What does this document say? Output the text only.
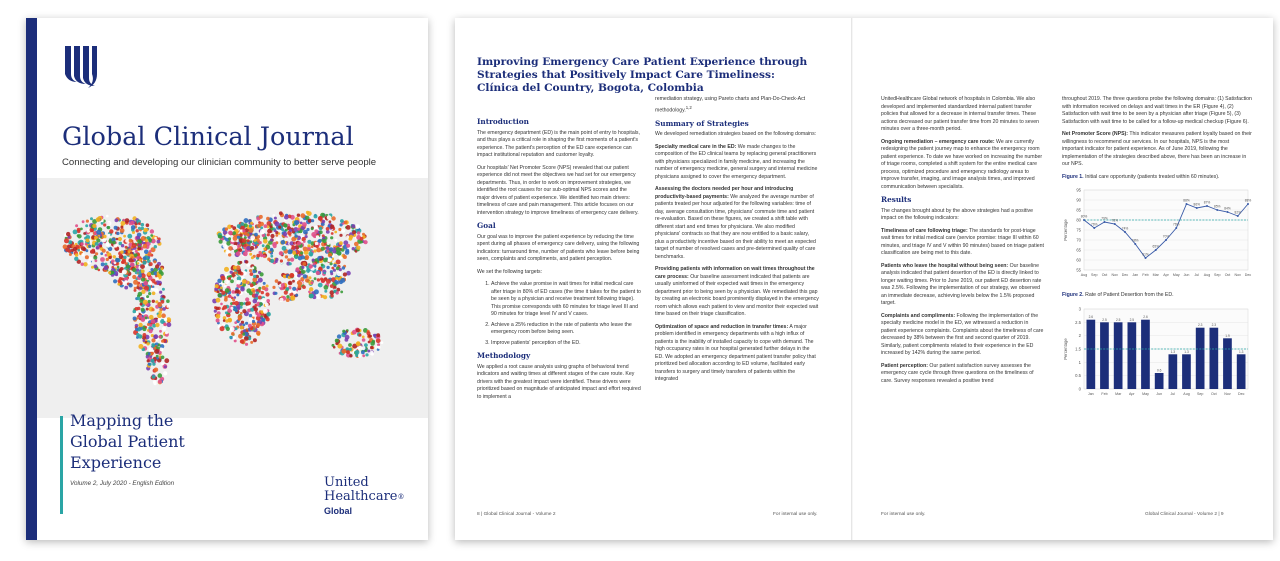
Global Clinical Journal
Connecting and developing our clinician community to better serve people
Mapping the
Global Patient
Experience
Volume 2, July 2020 - English Edition	United
Healthcare®
Global
Improving Emergency Care Patient Experience through
Strategies that Positively Impact Care Timeliness:
Clínica del Country, Bogota, Colombia
Introduction

The emergency department (ED) is the main point of entry to hospitals, and thus plays a critical role in shaping the first moments of a patient's experience. The patient's perception of the ED care experience can impact institutional reputation and customer loyalty.

Our hospitals' Net Promoter Score (NPS) revealed that our patient experience did not meet the objectives we had set for our emergency departments. Thus, in order to work on improvement strategies, we identified the root causes for our sub-optimal NPS scores and the major drivers of patient experience. We identified two main drivers: timeliness of care and pain management. This article focuses on our intervention strategy to improve timeliness of emergency care delivery.

Goal

Our goal was to improve the patient experience by reducing the time spent during all phases of emergency care delivery, using the following indicators: turnaround time, number of patients who leave before being seen, complaints and compliments, and patient perception.

We set the following targets:

1. Achieve the value promise in wait times for initial medical care after triage in 80% of ED cases (the time it takes for the patient to be seen by a physician and receive treatment following triage). This promise corresponds with 60 minutes for triage level III and 90 minutes for triage level IV and V cases.
2. Achieve a 25% reduction in the rate of patients who leave the emergency room before being seen.
3. Improve patients' perception of the ED.
Methodology

We applied a root cause analysis using graphs of behavioral trend indicators and waiting times at different stages of the care route. Key drivers with the greatest impact were identified. These drivers were prioritized based on magnitude of anticipated impact and effort required to implement a

remediation strategy, using Pareto charts and Plan-Do-Check-Act methodology.$^{1,2}$

Summary of Strategies

We developed remediation strategies based on the following domains:

Specialty medical care in the ED: We made changes to the composition of the ED clinical teams by replacing general practitioners with physicians specialized in family medicine, and increasing the number of emergency medicine, general surgery and internal medicine physicians assigned to cover the emergency department.

Assessing the doctors needed per hour and introducing productivity-based payments: We analyzed the average number of patients treated per hour adjusted for the following variables: time of day, average consultation time, physicians' commute time and patient re-evaluation. Based on these figures, we created a shift table with different start and end times for physicians. We also modified physicians' contracts so that they are now entitled to a basic salary, plus a productivity incentive based on their ability to meet an expected target of number of resolved cases and pre-determined quality of care benchmarks.

Providing patients with information on wait times throughout the care process: Our baseline assessment indicated that patients are usually uninformed of their expected wait times in the emergency department prior to being seen by a physician. We remediated this gap by creating an electronic board prominently displayed in the emergency room which allows each patient to view and monitor their expected wait time based on their triage classification.

Optimization of space and reduction in transfer times: A major problem identified in emergency departments with a high influx of patients is the inability of installed capacity to cope with demand. The high occupancy rates in our hospital generated further delays in the ED. We adopted an emergency department patient transfer policy that prioritized bed allocation according to ED volume, facilitated early transfers to surgery and timely transfers of patients within the integrated

UnitedHealthcare Global network of hospitals in Colombia. We also developed and implemented standardized internal patient transfer policies that allowed for a decrease in internal transfer times. These actions decreased our patient transfer time from 20 minutes to seven minutes over a three-month period.

Ongoing remediation – emergency care route: We are currently redesigning the patient journey map to enhance the emergency room patient experience. To date we have worked on increasing the number of triage rooms, completed a shift system for the entire medical care process, optimized procedure and emergency radiology areas to improve transfer, imaging, and image analysis times, and improved communication between specialists.

Results

The changes brought about by the above strategies had a positive impact on the following indicators:

Timeliness of care following triage: The standards for post-triage wait times for initial medical care (service promise: triage III within 60 minutes, and triage IV and V within 90 minutes) based on triage patient classification are being met to this date.

Patients who leave the hospital without being seen: Our baseline analysis indicated that patient desertion of the ED is directly linked to longer waiting times. Prior to June 2019, our patient ED desertion rate was 2.5%. Following the implementation of our strategy, we observed an immediate decrease, achieving levels below the 1.5% proposed target.

Complaints and compliments: Following the implementation of the specialty medicine model in the ED, we witnessed a reduction in patient experience complaints. Complaints about the timeliness of care decreased by 38% between the first and second quarter of 2019. Similarly, patient compliments related to their experience in the ED increased by 142% during the same period.

Patient perception: Our patient satisfaction survey assesses the emergency care cycle through three questions on the timeliness of care. Survey responses revealed a positive trend

throughout 2019. The three questions probe the following domains: (1) Satisfaction with information received on delays and wait times in the ER (Figure 4), (2) Satisfaction with wait time to be seen by a physician after triage (Figure 5), (3) Satisfaction with wait time to be called for a follow-up medical checkup (Figure 6).

Net Promoter Score (NPS): This indicator measures patient loyalty based on their willingness to recommend our services. In our hospitals, NPS is the most important indicator for patient experience. As of June 2019, following the implementation of the strategies described above, there has been an increase in our NPS.

Figure 1. Initial care opportunity (patients treated within 60 minutes).
55
60
65
70
75
80
85
90
95
Percentage
80%
76%
79% 78%
74%
68%
61%
65%
70%
76%
88%
86% 87%
85% 84%
82%
88%
Aug Sep Oct Nov Dec Jan Feb Mar Apr May Jun Jul Aug Sep Oct Nov Dec
Figure 2. Rate of Patient Desertion from the ED.
0
0.5
1
1.5
2
2.5
3
Percentage
2.6
Jan
2.5
Feb
2.5
Mar
2.5
Apr
2.6
May
0.6
Jun
1.3
Jul
1.3
Aug
2.3
Sep
2.3
Oct
1.9
Nov
1.3
Dec
8 | Global Clinical Journal - Volume 2	For internal use only.	For internal use only.	Global Clinical Journal - Volume 2 | 9
